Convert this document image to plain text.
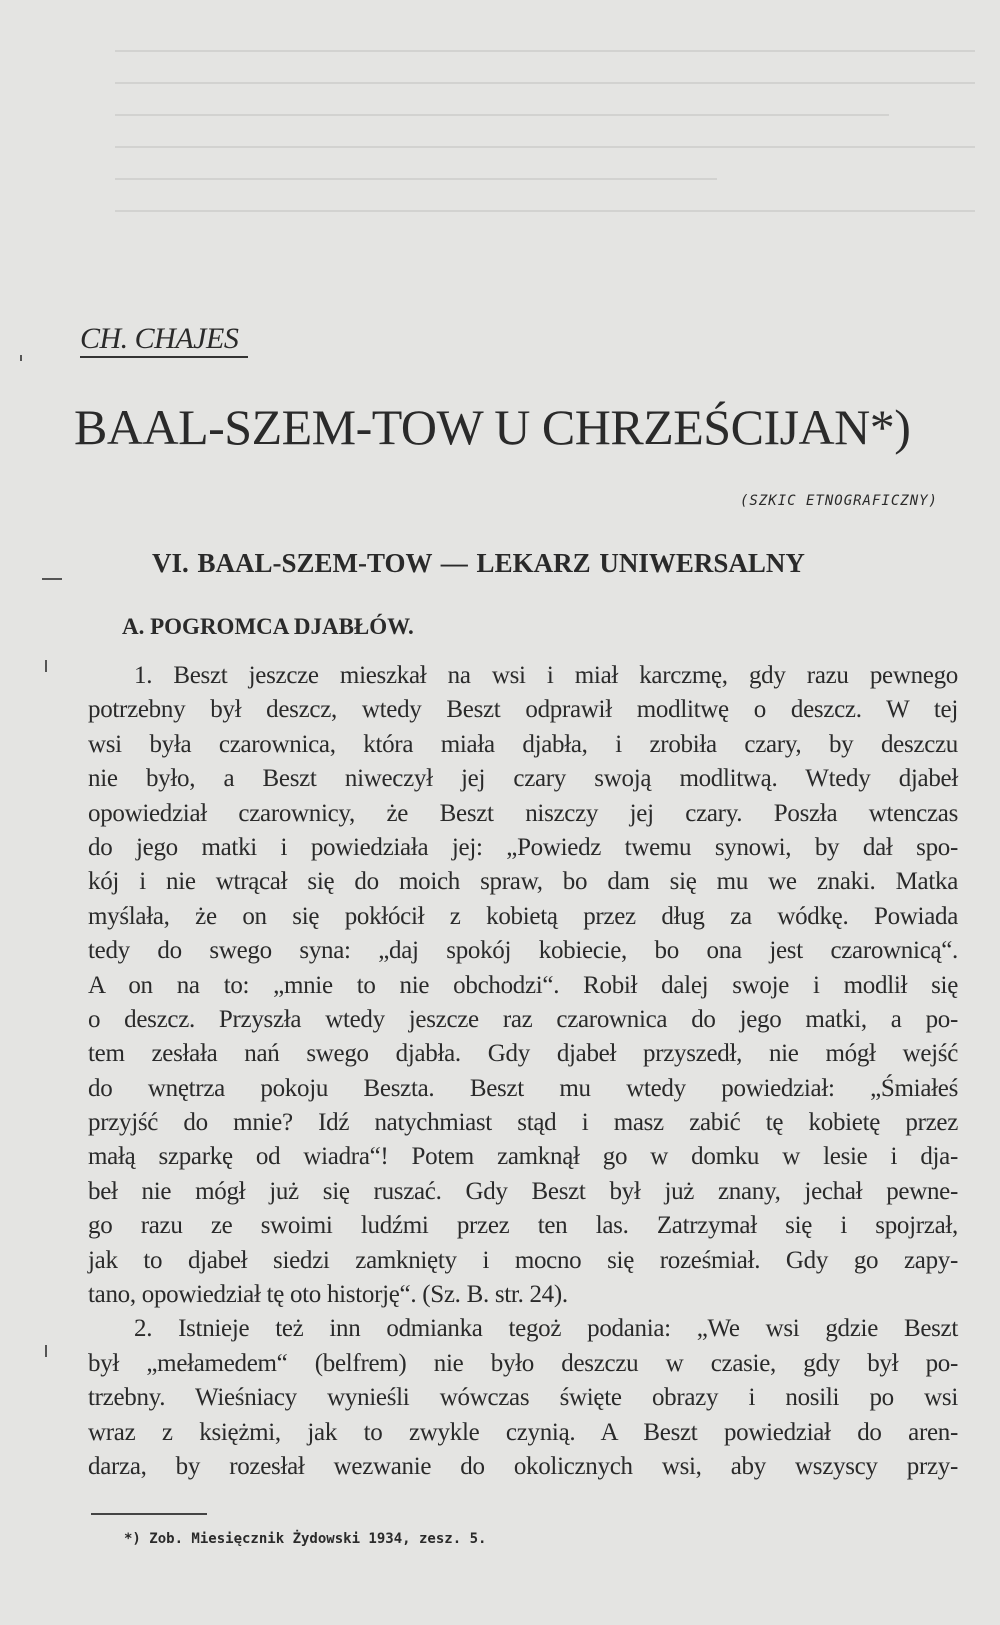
CH. CHAJES
BAAL-SZEM-TOW U CHRZEŚCIJAN*)
(SZKIC ETNOGRAFICZNY)
VI. BAAL-SZEM-TOW — LEKARZ UNIWERSALNY
A. POGROMCA DJABŁÓW.
1. Beszt jeszcze mieszkał na wsi i miał karczmę, gdy razu pewnego
potrzebny był deszcz, wtedy Beszt odprawił modlitwę o deszcz. W tej
wsi była czarownica, która miała djabła, i zrobiła czary, by deszczu
nie było, a Beszt niweczył jej czary swoją modlitwą. Wtedy djabeł
opowiedział czarownicy, że Beszt niszczy jej czary. Poszła wtenczas
do jego matki i powiedziała jej: „Powiedz twemu synowi, by dał spo-
kój i nie wtrącał się do moich spraw, bo dam się mu we znaki. Matka
myślała, że on się pokłócił z kobietą przez dług za wódkę. Powiada
tedy do swego syna: „daj spokój kobiecie, bo ona jest czarownicą“.
A on na to: „mnie to nie obchodzi“. Robił dalej swoje i modlił się
o deszcz. Przyszła wtedy jeszcze raz czarownica do jego matki, a po-
tem zesłała nań swego djabła. Gdy djabeł przyszedł, nie mógł wejść
do wnętrza pokoju Beszta. Beszt mu wtedy powiedział: „Śmiałeś
przyjść do mnie? Idź natychmiast stąd i masz zabić tę kobietę przez
małą szparkę od wiadra“! Potem zamknął go w domku w lesie i dja-
beł nie mógł już się ruszać. Gdy Beszt był już znany, jechał pewne-
go razu ze swoimi ludźmi przez ten las. Zatrzymał się i spojrzał,
jak to djabeł siedzi zamknięty i mocno się roześmiał. Gdy go zapy-
tano, opowiedział tę oto historję“. (Sz. B. str. 24).
2. Istnieje też inn odmianka tegoż podania: „We wsi gdzie Beszt
był „mełamedem“ (belfrem) nie było deszczu w czasie, gdy był po-
trzebny. Wieśniacy wynieśli wówczas święte obrazy i nosili po wsi
wraz z księżmi, jak to zwykle czynią. A Beszt powiedział do aren-
darza, by rozesłał wezwanie do okolicznych wsi, aby wszyscy przy-
*) Zob. Miesięcznik Żydowski 1934, zesz. 5.
